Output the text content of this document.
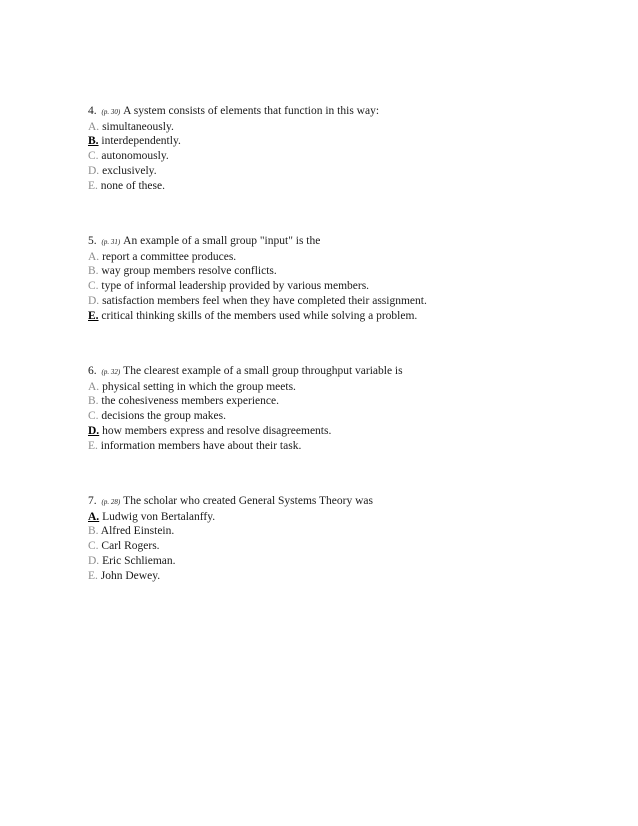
4. (p. 30) A system consists of elements that function in this way:
A. simultaneously.
B. interdependently.
C. autonomously.
D. exclusively.
E. none of these.
5. (p. 31) An example of a small group "input" is the
A. report a committee produces.
B. way group members resolve conflicts.
C. type of informal leadership provided by various members.
D. satisfaction members feel when they have completed their assignment.
E. critical thinking skills of the members used while solving a problem.
6. (p. 32) The clearest example of a small group throughput variable is
A. physical setting in which the group meets.
B. the cohesiveness members experience.
C. decisions the group makes.
D. how members express and resolve disagreements.
E. information members have about their task.
7. (p. 28) The scholar who created General Systems Theory was
A. Ludwig von Bertalanffy.
B. Alfred Einstein.
C. Carl Rogers.
D. Eric Schlieman.
E. John Dewey.
